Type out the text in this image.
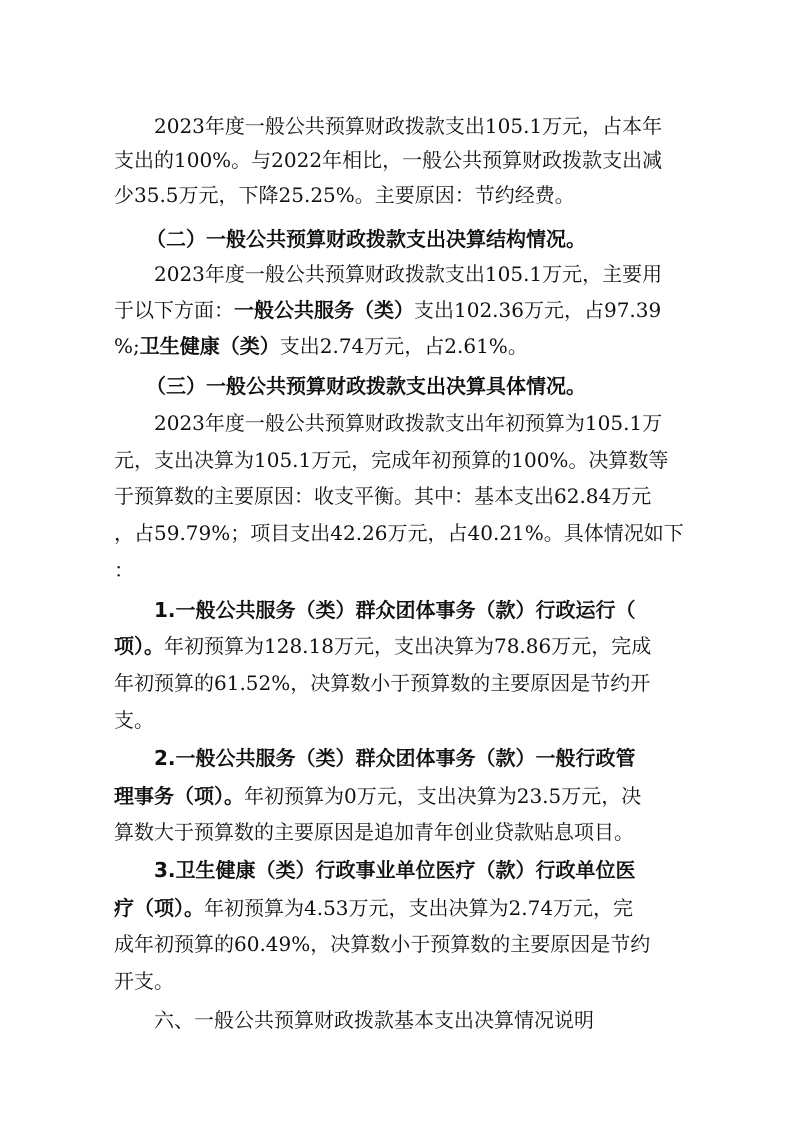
2023年度一般公共预算财政拨款支出105.1万元，占本年
支出的100%。与2022年相比，一般公共预算财政拨款支出减
少35.5万元，下降25.25%。主要原因：节约经费。
（二）一般公共预算财政拨款支出决算结构情况。
2023年度一般公共预算财政拨款支出105.1万元，主要用
于以下方面：一般公共服务（类）支出102.36万元，占97.39
%;卫生健康（类）支出2.74万元，占2.61%。
（三）一般公共预算财政拨款支出决算具体情况。
2023年度一般公共预算财政拨款支出年初预算为105.1万
元，支出决算为105.1万元，完成年初预算的100%。决算数等
于预算数的主要原因：收支平衡。其中：基本支出62.84万元
，占59.79%；项目支出42.26万元，占40.21%。具体情况如下
：
1.一般公共服务（类）群众团体事务（款）行政运行（
项）。年初预算为128.18万元，支出决算为78.86万元，完成
年初预算的61.52%，决算数小于预算数的主要原因是节约开
支。
2.一般公共服务（类）群众团体事务（款）一般行政管
理事务（项）。年初预算为0万元，支出决算为23.5万元，决
算数大于预算数的主要原因是追加青年创业贷款贴息项目。
3.卫生健康（类）行政事业单位医疗（款）行政单位医
疗（项）。年初预算为4.53万元，支出决算为2.74万元，完
成年初预算的60.49%，决算数小于预算数的主要原因是节约
开支。
六、一般公共预算财政拨款基本支出决算情况说明
